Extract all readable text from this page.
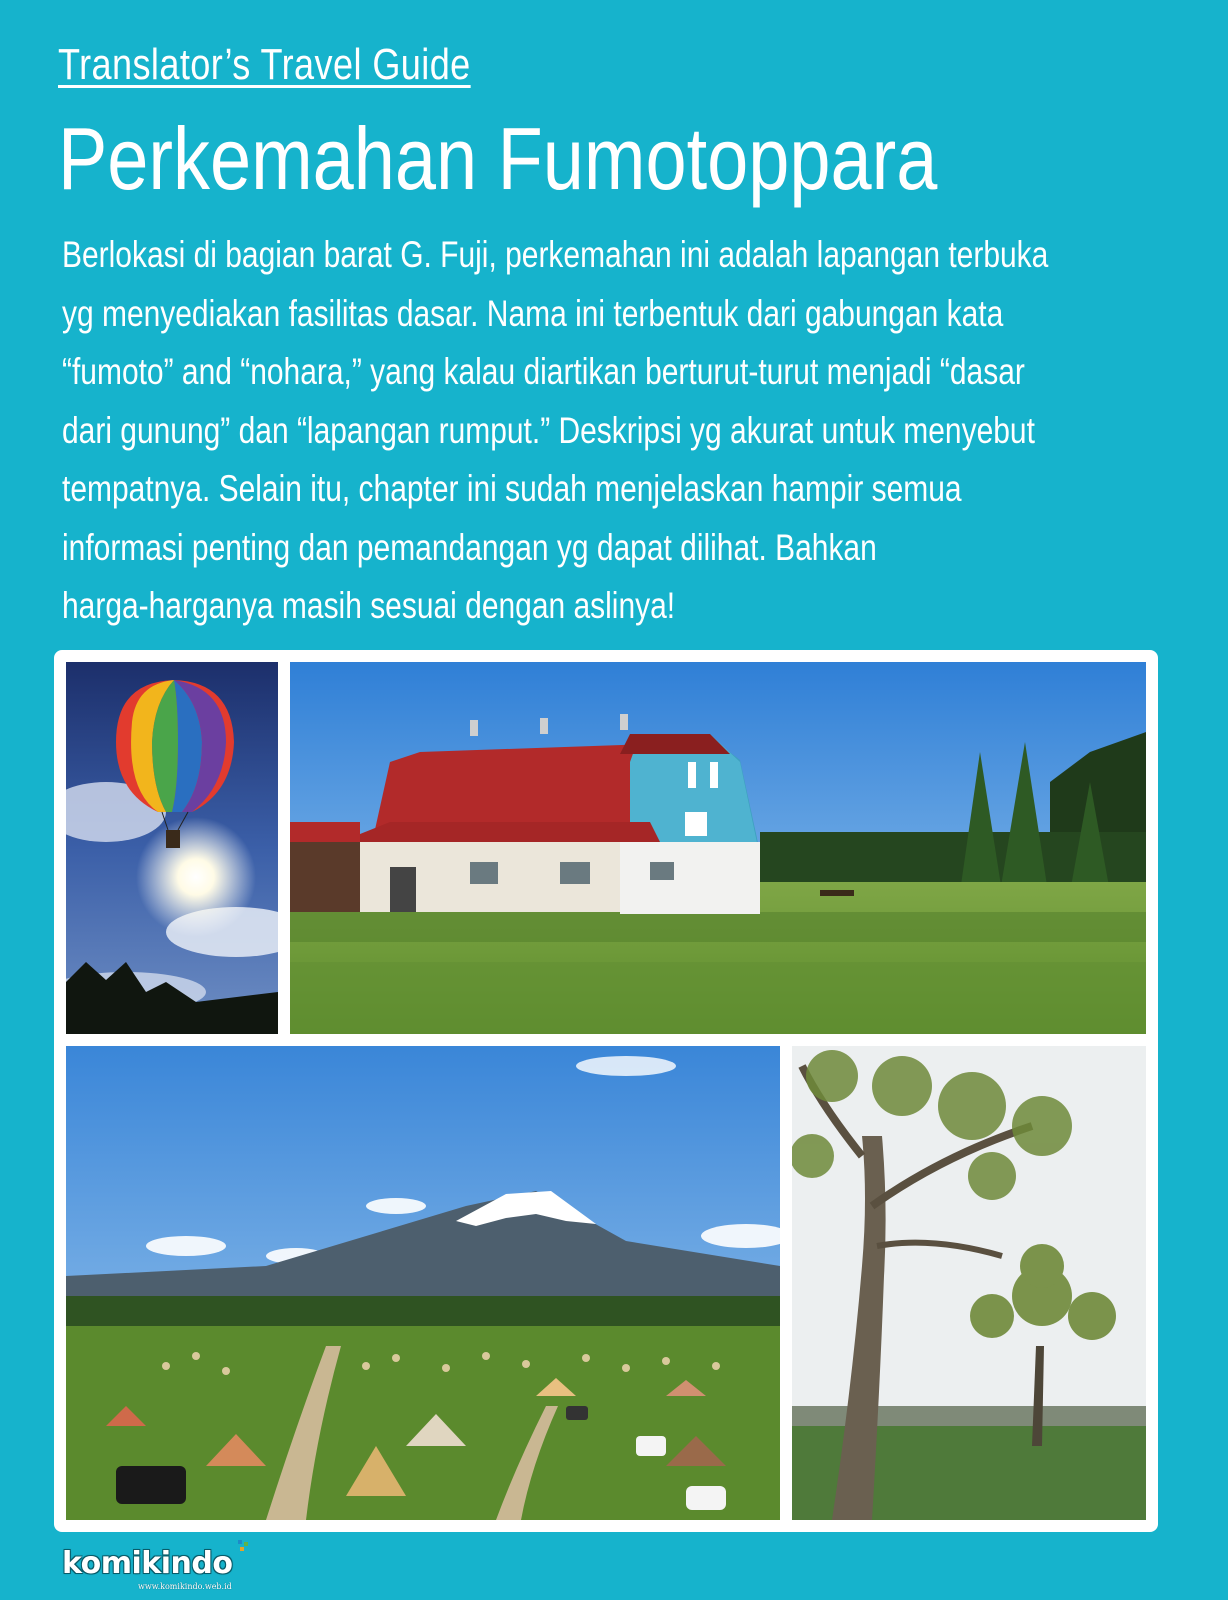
Translator’s Travel Guide
Perkemahan Fumotoppara
Berlokasi di bagian barat G. Fuji, perkemahan ini adalah lapangan terbuka
yg menyediakan fasilitas dasar. Nama ini terbentuk dari gabungan kata
“fumoto” and “nohara,” yang kalau diartikan berturut-turut menjadi “dasar
dari gunung” dan “lapangan rumput.” Deskripsi yg akurat untuk menyebut
tempatnya. Selain itu, chapter ini sudah menjelaskan hampir semua
informasi penting dan pemandangan yg dapat dilihat. Bahkan
harga-harganya masih sesuai dengan aslinya!
komikindo
www.komikindo.web.id
